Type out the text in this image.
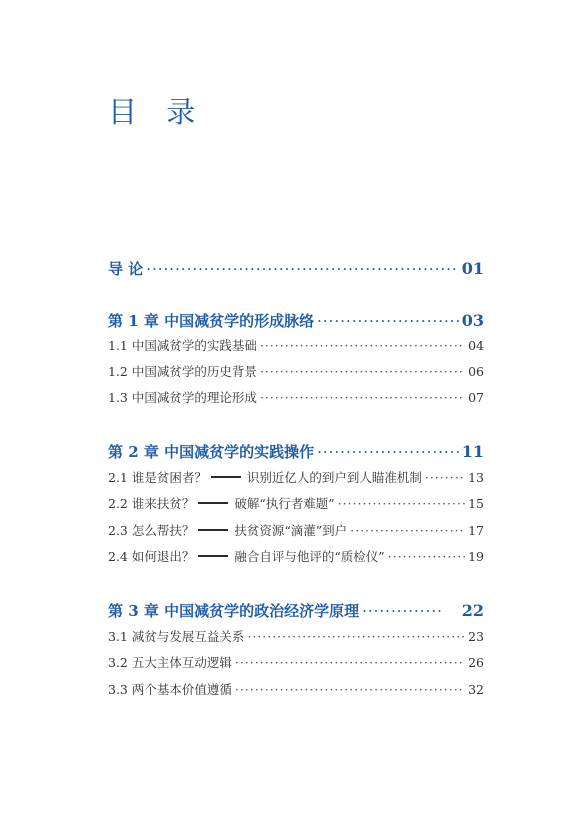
目 录
导 论 ·····	01
第 1 章 中国减贫学的形成脉络 ·····	03
1.1 中国减贫学的实践基础 ·····	04
1.2 中国减贫学的历史背景 ·····	06
1.3 中国减贫学的理论形成 ·····	07
第 2 章 中国减贫学的实践操作 ·····	11
2.1 谁是贫困者？	识别近亿人的到户到人瞄准机制 ·····	13
2.2 谁来扶贫？	破解“执行者难题” ·····	15
2.3 怎么帮扶？	扶贫资源“滴灌”到户 ·····	17
2.4 如何退出？	融合自评与他评的“质检仪” ·····	19
第 3 章 中国减贫学的政治经济学原理 ·····	22
3.1 减贫与发展互益关系 ·····	23
3.2 五大主体互动逻辑 ·····	26
3.3 两个基本价值遵循 ·····	32
